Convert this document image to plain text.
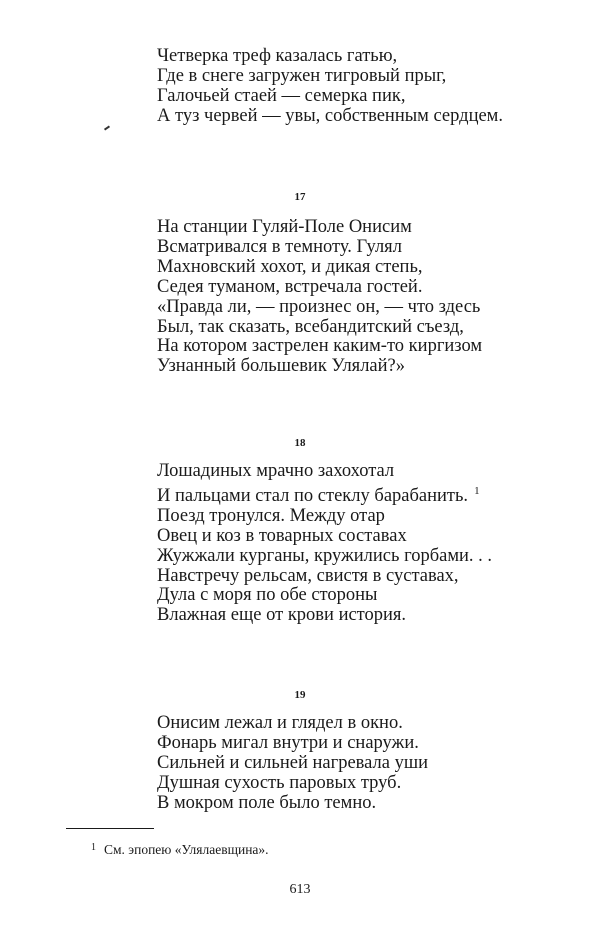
Четверка треф казалась гатью,
Где в снеге загружен тигровый прыг,
Галочьей стаей — семерка пик,
А туз червей — увы, собственным сердцем.
17
На станции Гуляй-Поле Онисим
Всматривался в темноту. Гулял
Махновский хохот, и дикая степь,
Седея туманом, встречала гостей.
«Правда ли, — произнес он, — что здесь
Был, так сказать, всебандитский съезд,
На котором застрелен каким-то киргизом
Узнанный большевик Улялай?»
18
Лошадиных мрачно захохотал
И пальцами стал по стеклу барабанить. $^1$
Поезд тронулся. Между отар
Овец и коз в товарных составах
Жужжали курганы, кружились горбами. . .
Навстречу рельсам, свистя в суставах,
Дула с моря по обе стороны
Влажная еще от крови история.
19
Онисим лежал и глядел в окно.
Фонарь мигал внутри и снаружи.
Сильней и сильней нагревала уши
Душная сухость паровых труб.
В мокром поле было темно.
$^1$ См. эпопею «Улялаевщина».
613
